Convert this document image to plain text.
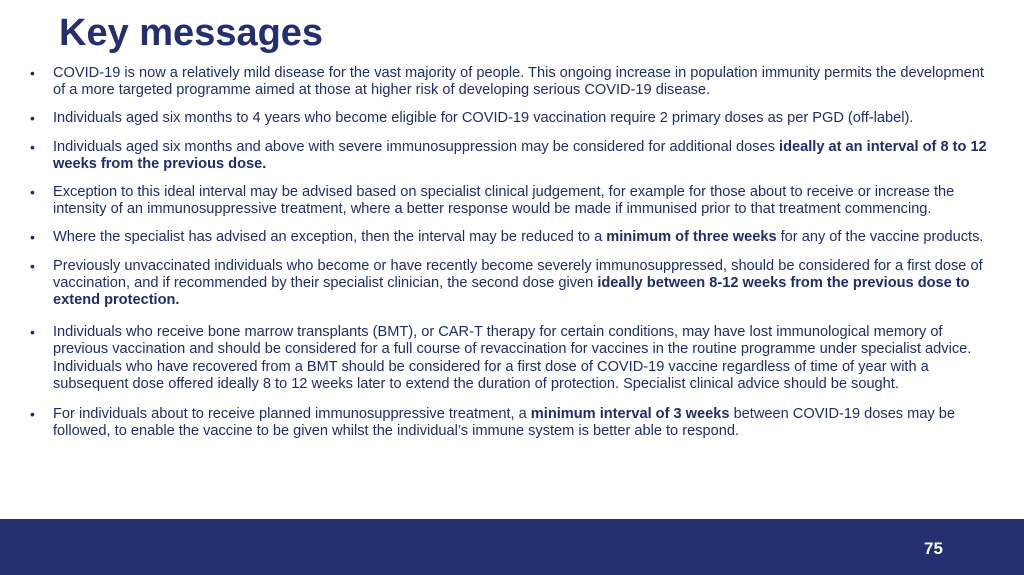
Key messages
• COVID-19 is now a relatively mild disease for the vast majority of people. This ongoing increase in population immunity permits the development of a more targeted programme aimed at those at higher risk of developing serious COVID-19 disease.
• Individuals aged six months to 4 years who become eligible for COVID-19 vaccination require 2 primary doses as per PGD (off-label).
• Individuals aged six months and above with severe immunosuppression may be considered for additional doses ideally at an interval of 8 to 12 weeks from the previous dose.
• Exception to this ideal interval may be advised based on specialist clinical judgement, for example for those about to receive or increase the intensity of an immunosuppressive treatment, where a better response would be made if immunised prior to that treatment commencing.
• Where the specialist has advised an exception, then the interval may be reduced to a minimum of three weeks for any of the vaccine products.
• Previously unvaccinated individuals who become or have recently become severely immunosuppressed, should be considered for a first dose of vaccination, and if recommended by their specialist clinician, the second dose given ideally between 8-12 weeks from the previous dose to extend protection.
• Individuals who receive bone marrow transplants (BMT), or CAR-T therapy for certain conditions, may have lost immunological memory of previous vaccination and should be considered for a full course of revaccination for vaccines in the routine programme under specialist advice. Individuals who have recovered from a BMT should be considered for a first dose of COVID-19 vaccine regardless of time of year with a subsequent dose offered ideally 8 to 12 weeks later to extend the duration of protection. Specialist clinical advice should be sought.
• For individuals about to receive planned immunosuppressive treatment, a minimum interval of 3 weeks between COVID-19 doses may be followed, to enable the vaccine to be given whilst the individual’s immune system is better able to respond.
75
